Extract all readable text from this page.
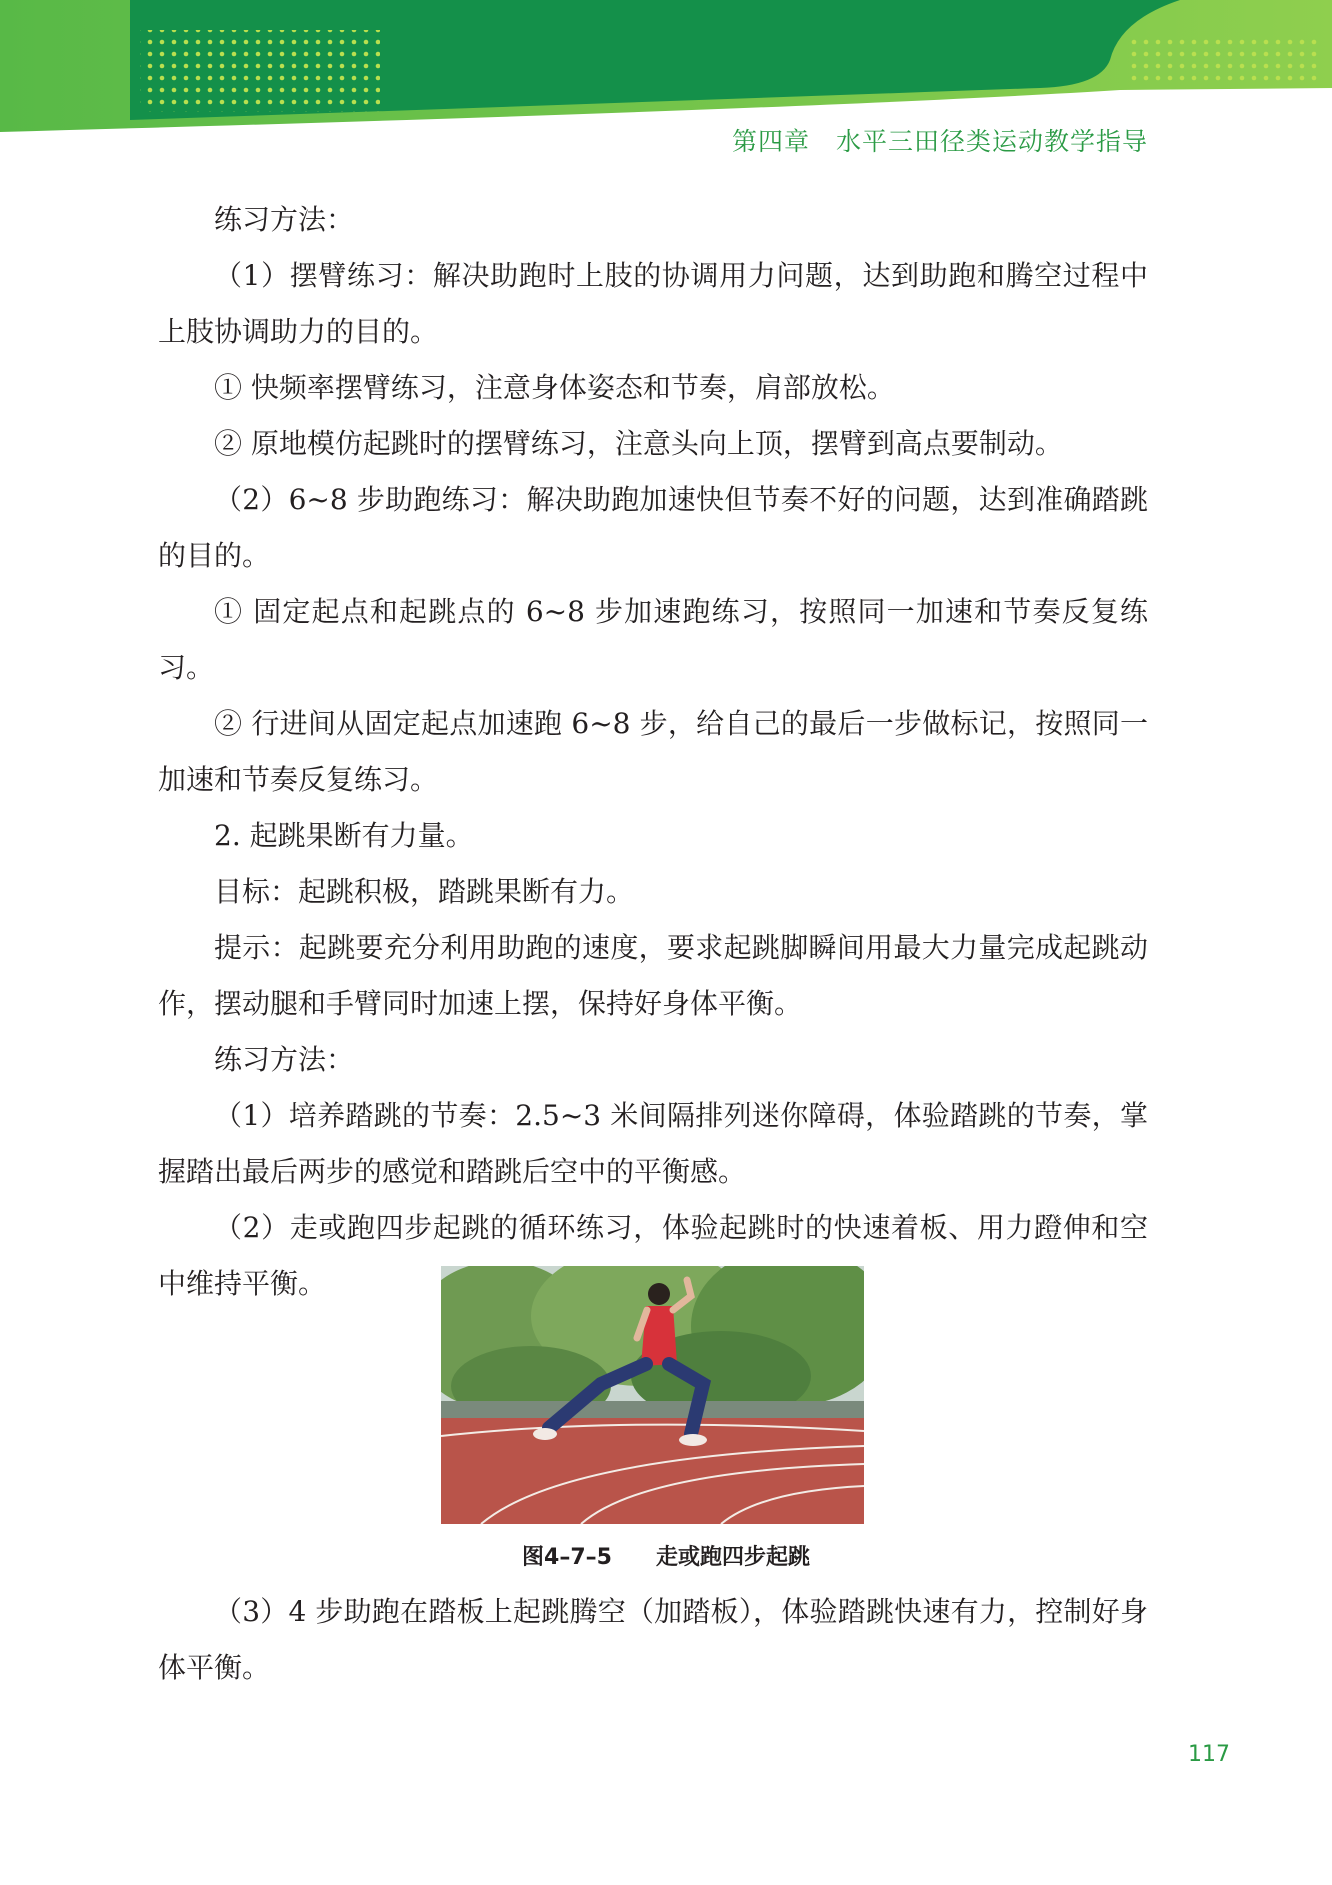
第四章　水平三田径类运动教学指导

练习方法：

（1）摆臂练习：解决助跑时上肢的协调用力问题，达到助跑和腾空过程中上肢协调助力的目的。

① 快频率摆臂练习，注意身体姿态和节奏，肩部放松。

② 原地模仿起跳时的摆臂练习，注意头向上顶，摆臂到高点要制动。

（2）6~8 步助跑练习：解决助跑加速快但节奏不好的问题，达到准确踏跳的目的。

① 固定起点和起跳点的 6~8 步加速跑练习，按照同一加速和节奏反复练习。

② 行进间从固定起点加速跑 6~8 步，给自己的最后一步做标记，按照同一加速和节奏反复练习。

2. 起跳果断有力量。

目标：起跳积极，踏跳果断有力。

提示：起跳要充分利用助跑的速度，要求起跳脚瞬间用最大力量完成起跳动作，摆动腿和手臂同时加速上摆，保持好身体平衡。

练习方法：

（1）培养踏跳的节奏：2.5~3 米间隔排列迷你障碍，体验踏跳的节奏，掌握踏出最后两步的感觉和踏跳后空中的平衡感。

（2）走或跑四步起跳的循环练习，体验起跳时的快速着板、用力蹬伸和空中维持平衡。

图4–7–5　　走或跑四步起跳

（3）4 步助跑在踏板上起跳腾空（加踏板），体验踏跳快速有力，控制好身体平衡。

117
